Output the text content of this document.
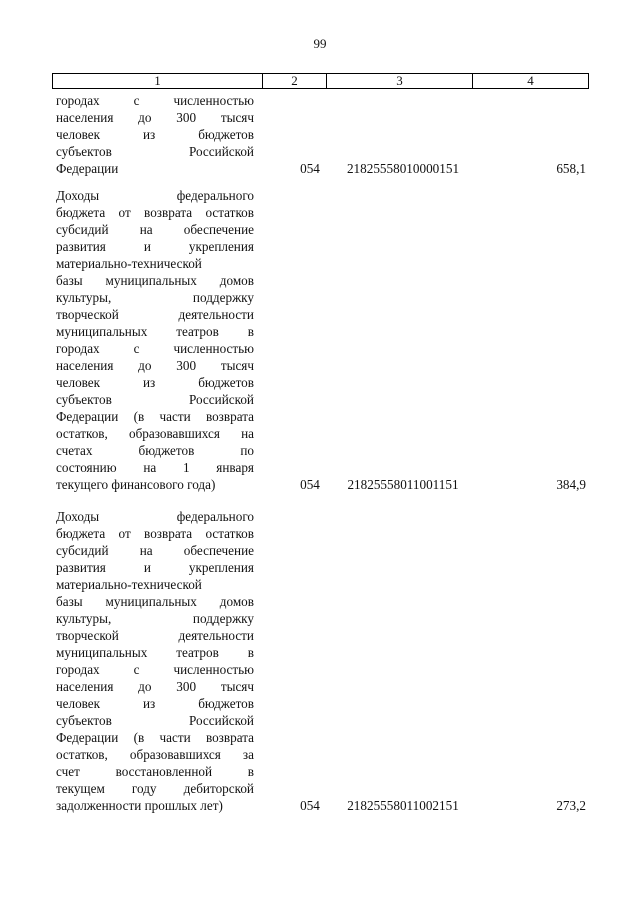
99
1	2	3	4
городах с численностью
населения до 300 тысяч
человек из бюджетов
субъектов Российской
Федерации	054	21825558010000151	658,1
Доходы федерального
бюджета от возврата остатков
субсидий на обеспечение
развития и укрепления
материально-технической
базы муниципальных домов
культуры, поддержку
творческой деятельности
муниципальных театров в
городах с численностью
населения до 300 тысяч
человек из бюджетов
субъектов Российской
Федерации (в части возврата
остатков, образовавшихся на
счетах бюджетов по
состоянию на 1 января
текущего финансового года)	054	21825558011001151	384,9
Доходы федерального
бюджета от возврата остатков
субсидий на обеспечение
развития и укрепления
материально-технической
базы муниципальных домов
культуры, поддержку
творческой деятельности
муниципальных театров в
городах с численностью
населения до 300 тысяч
человек из бюджетов
субъектов Российской
Федерации (в части возврата
остатков, образовавшихся за
счет восстановленной в
текущем году дебиторской
задолженности прошлых лет)	054	21825558011002151	273,2
